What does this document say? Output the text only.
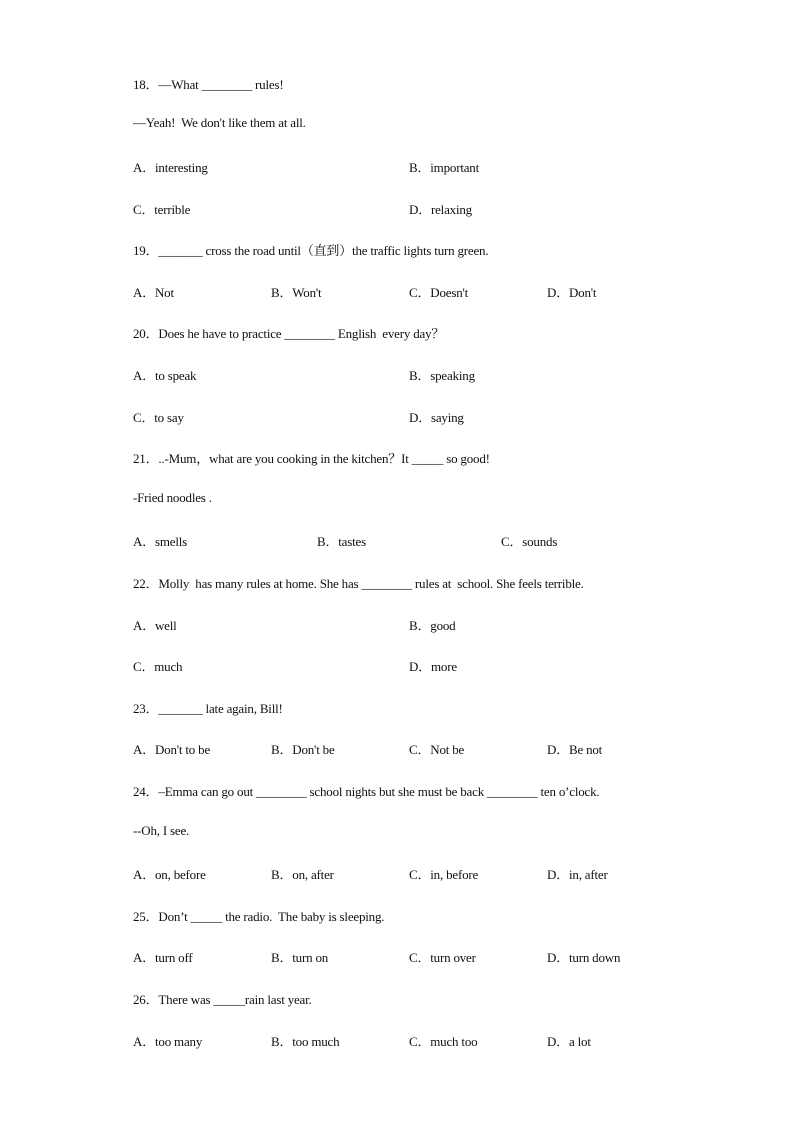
18．—What ________ rules!
—Yeah!  We don't like them at all.
A．interesting	B．important
C．terrible	D．relaxing
19．_______ cross the road until（直到）the traffic lights turn green.
A．Not	B．Won't	C．Doesn't	D．Don't
20．Does he have to practice ________ English  every day？
A．to speak	B．speaking
C．to say	D．saying
21．..-Mum，what are you cooking in the kitchen？It _____ so good!
-Fried noodles .
A．smells	B．tastes	C．sounds
22．Molly  has many rules at home. She has ________ rules at  school. She feels terrible.
A．well	B．good
C．much	D．more
23．_______ late again, Bill!
A．Don't to be	B．Don't be	C．Not be	D．Be not
24．–Emma can go out ________ school nights but she must be back ________ ten o’clock.
--Oh, I see.
A．on, before	B．on, after	C．in, before	D．in, after
25．Don’t _____ the radio.  The baby is sleeping.
A．turn off	B．turn on	C．turn over	D．turn down
26．There was _____rain last year.
A．too many	B．too much	C．much too	D．a lot
